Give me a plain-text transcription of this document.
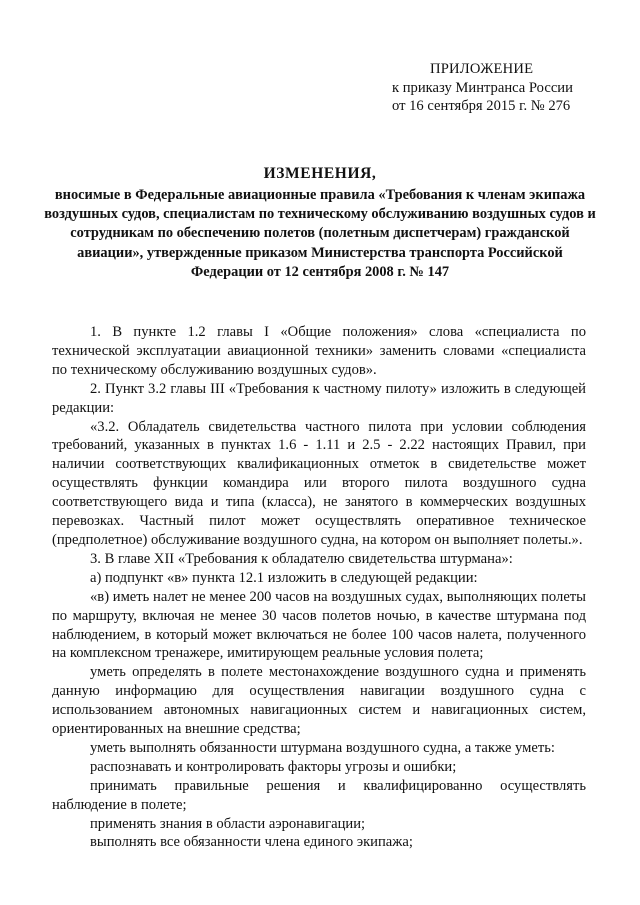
ПРИЛОЖЕНИЕ
к приказу Минтранса России
от 16 сентября 2015 г. № 276
ИЗМЕНЕНИЯ,
вносимые в Федеральные авиационные правила «Требования к членам экипажа воздушных судов, специалистам по техническому обслуживанию воздушных судов и сотрудникам по обеспечению полетов (полетным диспетчерам) гражданской авиации», утвержденные приказом Министерства транспорта Российской Федерации от 12 сентября 2008 г. № 147

1. В пункте 1.2 главы I «Общие положения» слова «специалиста по технической эксплуатации авиационной техники» заменить словами «специалиста по техническому обслуживанию воздушных судов».

2. Пункт 3.2 главы III «Требования к частному пилоту» изложить в следующей редакции:

«3.2. Обладатель свидетельства частного пилота при условии соблюдения требований, указанных в пунктах 1.6 - 1.11 и 2.5 - 2.22 настоящих Правил, при наличии соответствующих квалификационных отметок в свидетельстве может осуществлять функции командира или второго пилота воздушного судна соответствующего вида и типа (класса), не занятого в коммерческих воздушных перевозках. Частный пилот может осуществлять оперативное техническое (предполетное) обслуживание воздушного судна, на котором он выполняет полеты.».

3. В главе XII «Требования к обладателю свидетельства штурмана»:

а) подпункт «в» пункта 12.1 изложить в следующей редакции:

«в) иметь налет не менее 200 часов на воздушных судах, выполняющих полеты по маршруту, включая не менее 30 часов полетов ночью, в качестве штурмана под наблюдением, в который может включаться не более 100 часов налета, полученного на комплексном тренажере, имитирующем реальные условия полета;

уметь определять в полете местонахождение воздушного судна и применять данную информацию для осуществления навигации воздушного судна с использованием автономных навигационных систем и навигационных систем, ориентированных на внешние средства;

уметь выполнять обязанности штурмана воздушного судна, а также уметь:

распознавать и контролировать факторы угрозы и ошибки;

принимать правильные решения и квалифицированно осуществлять наблюдение в полете;

применять знания в области аэронавигации;

выполнять все обязанности члена единого экипажа;
